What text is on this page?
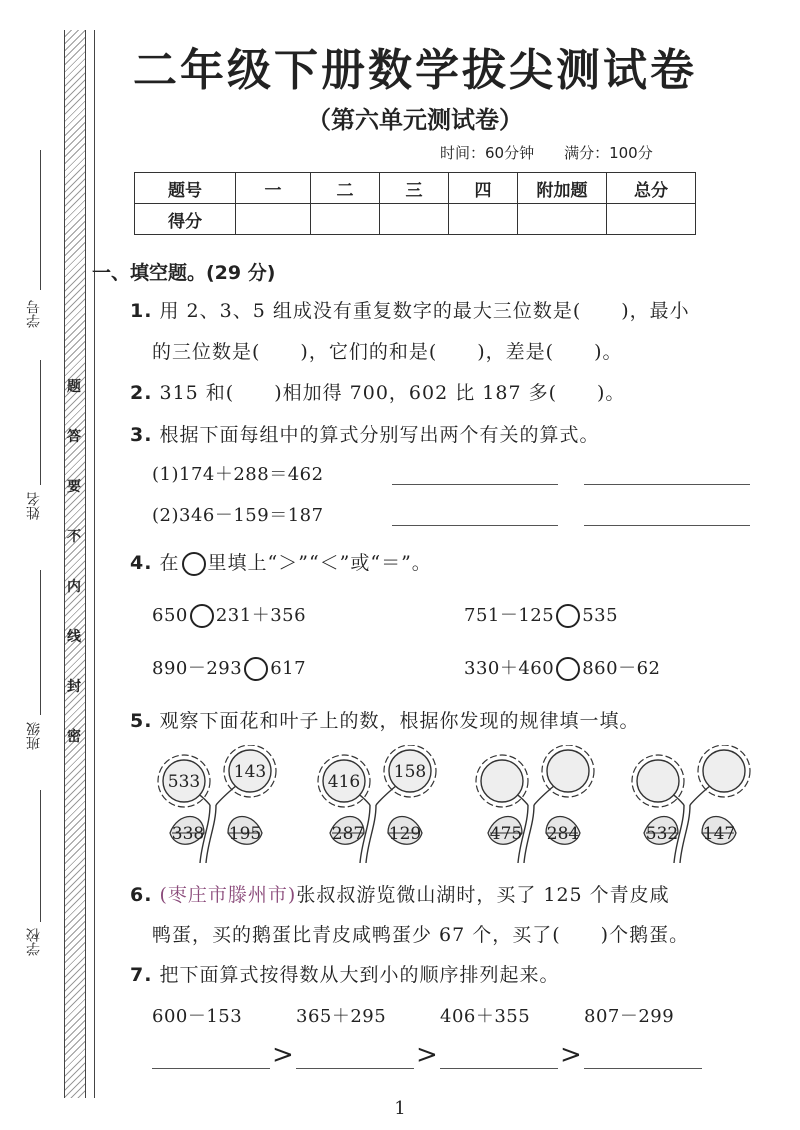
学号
姓名
班级
学校
题
答
要
不
内
线
封
密
二年级下册数学拔尖测试卷
（第六单元测试卷）
时间：60分钟　　满分：100分
题号	一	二	三	四	附加题	总分
得分						
一、填空题。(29 分)
1. 用 2、3、5 组成没有重复数字的最大三位数是(　　)，最小
的三位数是(　　)，它们的和是(　　)，差是(　　)。
2. 315 和(　　)相加得 700，602 比 187 多(　　)。
3. 根据下面每组中的算式分别写出两个有关的算式。
(1)174＋288＝462
(2)346－159＝187
4. 在 里填上“＞”“＜”或“＝”。
650 231＋356	751－125 535
890－293 617	330＋460 860－62
5. 观察下面花和叶子上的数，根据你发现的规律填一填。
533 143
338 195
416 158
287 129	475 284	532 147
6. (枣庄市滕州市)张叔叔游览微山湖时，买了 125 个青皮咸
鸭蛋，买的鹅蛋比青皮咸鸭蛋少 67 个，买了(　　)个鹅蛋。
7. 把下面算式按得数从大到小的顺序排列起来。
600－153	365＋295	406＋355	807－299
>	>	>
1
